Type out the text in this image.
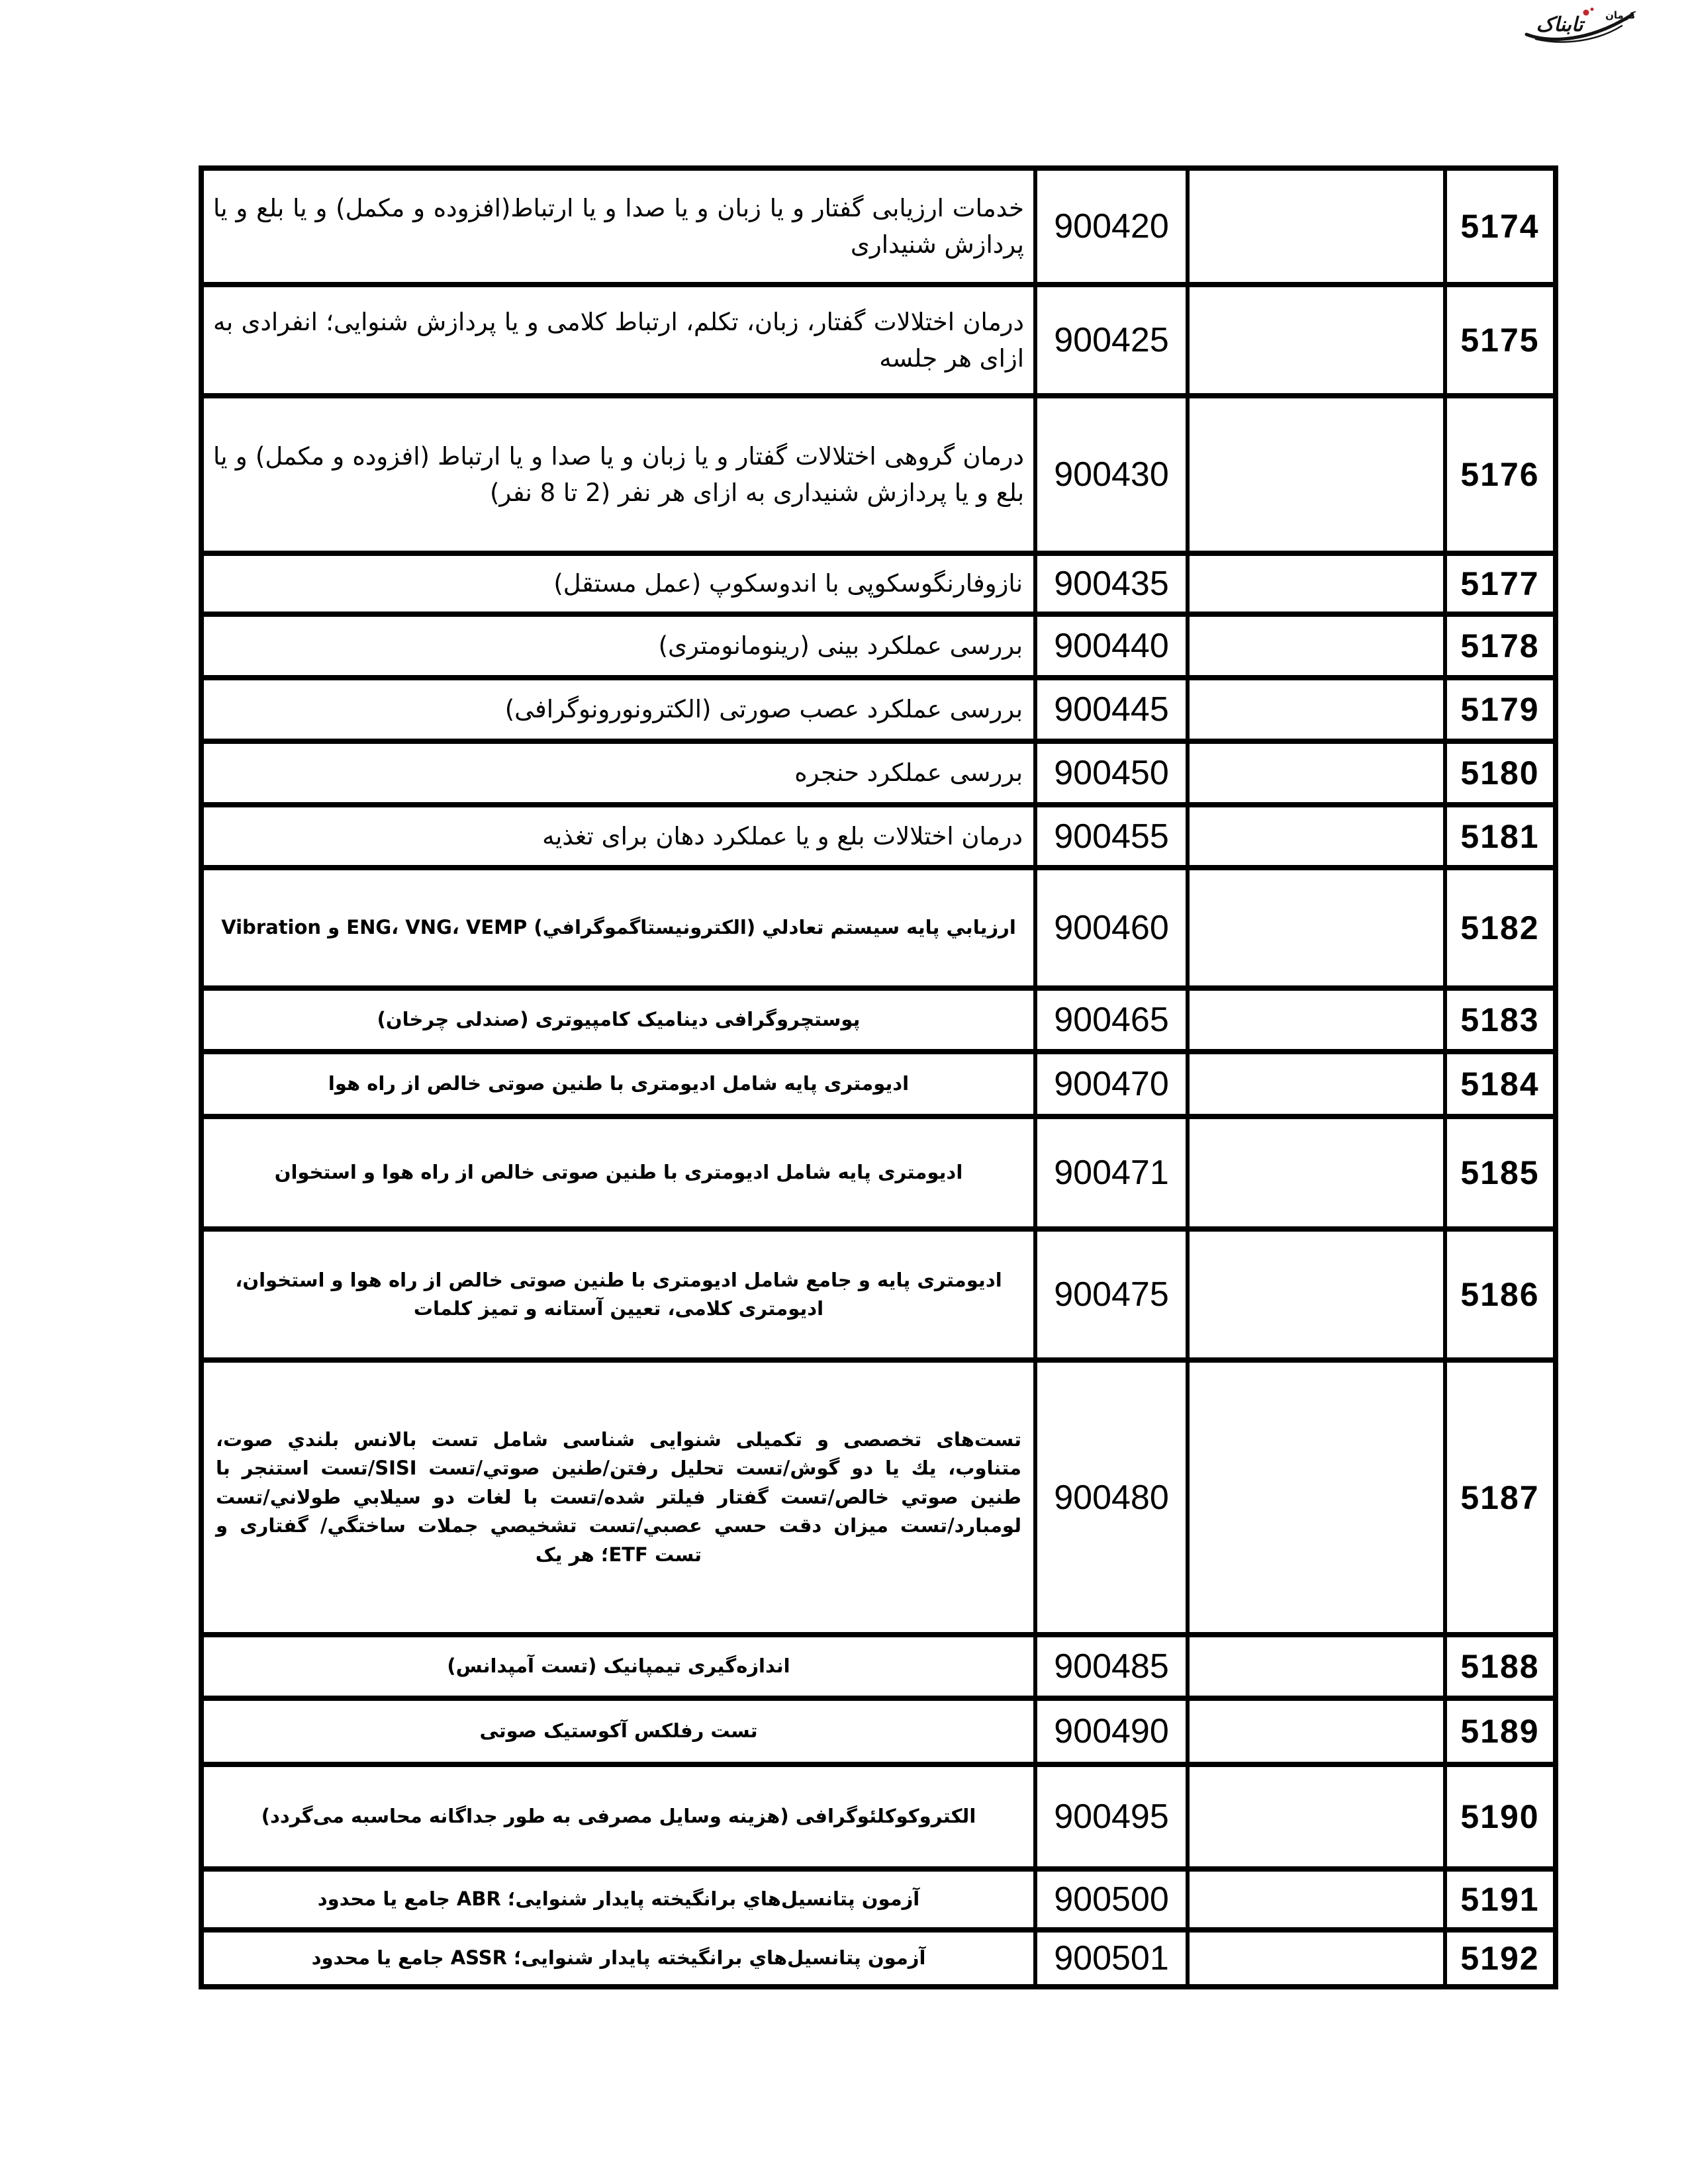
تابناک کرمان
5174		900420	خدمات ارزیابی گفتار و یا زبان و یا صدا و یا ارتباط(افزوده و مکمل) و یا بلع و یا پردازش شنیداری
5175		900425	درمان اختلالات گفتار، زبان، تکلم، ارتباط کلامی و یا پردازش شنوایی؛ انفرادی به ازای هر جلسه
5176		900430	درمان گروهی اختلالات گفتار و یا زبان و یا صدا و یا ارتباط (افزوده و مکمل) و یا بلع و یا پردازش شنیداری به ازای هر نفر (2 تا 8 نفر)
5177		900435	نازوفارنگوسکوپی با اندوسکوپ (عمل مستقل)
5178		900440	بررسی عملکرد بینی (رینومانومتری)
5179		900445	بررسی عملکرد عصب صورتی (الکترونورونوگرافی)
5180		900450	بررسی عملکرد حنجره
5181		900455	درمان اختلالات بلع و یا عملکرد دهان برای تغذیه
5182		900460	ارزيابي پايه سيستم تعادلي (الكترونيستاگموگرافي) ENG، VNG، VEMP و Vibration
5183		900465	پوستچروگرافی دینامیک کامپیوتری (صندلی چرخان)
5184		900470	ادیومتری پایه شامل ادیومتری با طنین صوتی خالص از راه هوا
5185		900471	ادیومتری پایه شامل ادیومتری با طنین صوتی خالص از راه هوا و استخوان
5186		900475	ادیومتری پایه و جامع شامل ادیومتری با طنین صوتی خالص از راه هوا و استخوان، ادیومتری کلامی، تعیین آستانه و تمیز کلمات
5187		900480	تست‌های تخصصی و تکمیلی شنوایی شناسی شامل تست بالانس بلندي صوت، متناوب، يك يا دو گوش/تست تحليل رفتن/طنين صوتي/تست SISI/تست استنجر با طنين صوتي خالص/تست گفتار فيلتر شده/تست با لغات دو سيلابي طولاني/تست لومبارد/تست ميزان دقت حسي عصبي/تست تشخيصي جملات ساختگي/ گفتاری و تست ETF؛ هر یک
5188		900485	اندازه‌گیری تیمپانیک (تست آمپدانس)
5189		900490	تست رفلکس آکوستیک صوتی
5190		900495	الکتروکوکلئوگرافی (هزینه وسایل مصرفی به طور جداگانه محاسبه می‌گردد)
5191		900500	آزمون پتانسيل‌هاي برانگيخته پايدار شنوايی؛ ABR جامع یا محدود
5192		900501	آزمون پتانسيل‌هاي برانگيخته پايدار شنوايی؛ ASSR جامع یا محدود
